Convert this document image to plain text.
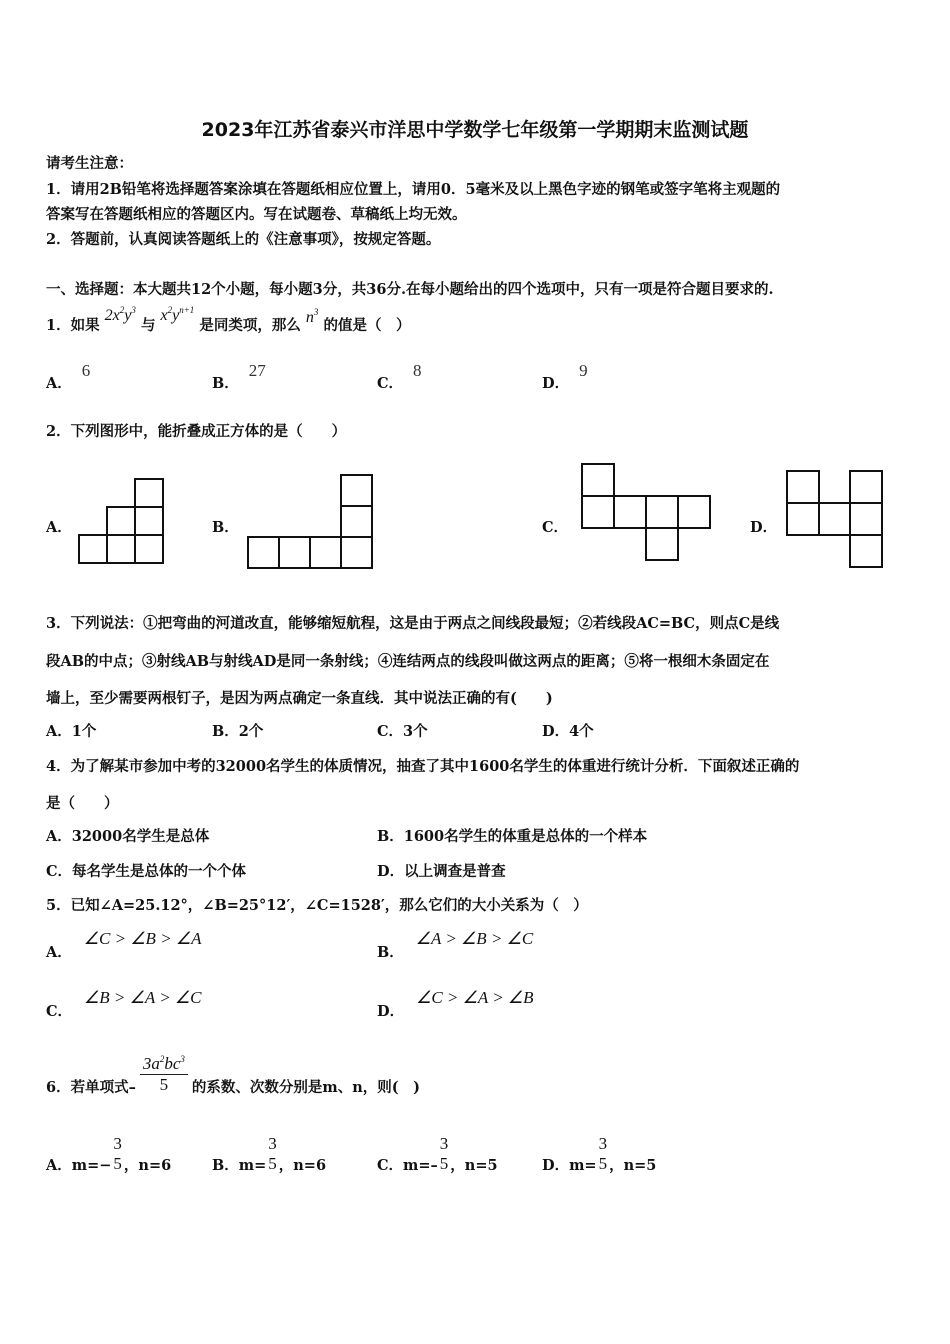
2023年江苏省泰兴市洋思中学数学七年级第一学期期末监测试题
请考生注意：
1．请用2B铅笔将选择题答案涂填在答题纸相应位置上，请用0．5毫米及以上黑色字迹的钢笔或签字笔将主观题的
答案写在答题纸相应的答题区内。写在试题卷、草稿纸上均无效。
2．答题前，认真阅读答题纸上的《注意事项》，按规定答题。
一、选择题：本大题共12个小题，每小题3分，共36分.在每小题给出的四个选项中，只有一项是符合题目要求的.
1．如果 $2x^2y^3$ 与 $x^2y^{n+1}$ 是同类项，那么 $n^3$ 的值是（　）
A．6
B．27
C．8
D．9
2．下列图形中，能折叠成正方体的是（　　）
A．	B．	C．	D．
3．下列说法：①把弯曲的河道改直，能够缩短航程，这是由于两点之间线段最短；②若线段AC=BC，则点C是线
段AB的中点；③射线AB与射线AD是同一条射线；④连结两点的线段叫做这两点的距离；⑤将一根细木条固定在
墙上，至少需要两根钉子，是因为两点确定一条直线．其中说法正确的有(　　)
A．1个	B．2个	C．3个	D．4个
4．为了解某市参加中考的32000名学生的体质情况，抽查了其中1600名学生的体重进行统计分析．下面叙述正确的
是（　　）
A．32000名学生是总体	B．1600名学生的体重是总体的一个样本
C．每名学生是总体的一个个体	D．以上调查是普查
5．已知∠A=25.12°，∠B=25°12′，∠C=1528′，那么它们的大小关系为（　）
A．∠C > ∠B > ∠A
B．∠A > ∠B > ∠C
C．∠B > ∠A > ∠C
D．∠C > ∠A > ∠B
6．若单项式– $\frac{3a^2bc^3}{5}$ 的系数、次数分别是m、n，则(　)
A．m=−
3
5 ，n=6	B．m=
3
5 ，n=6	C．m=–
3
5 ，n=5	D．m=
3
5 ，n=5
